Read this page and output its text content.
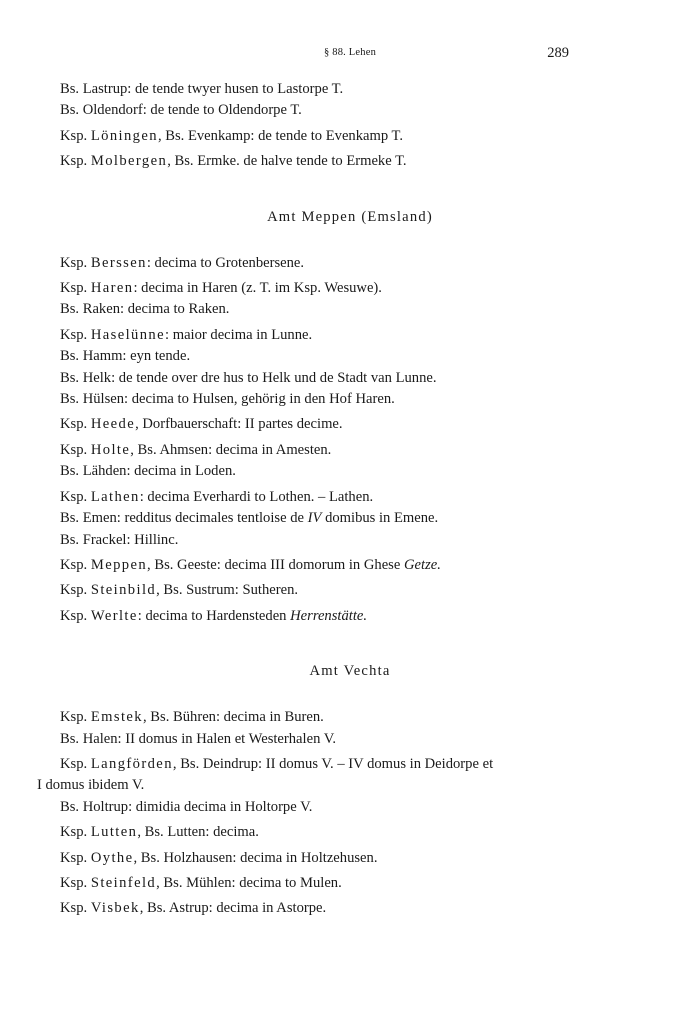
§ 88. Lehen	289
Bs. Lastrup: de tende twyer husen to Lastorpe T.
Bs. Oldendorf: de tende to Oldendorpe T.
Ksp. Löningen, Bs. Evenkamp: de tende to Evenkamp T.
Ksp. Molbergen, Bs. Ermke. de halve tende to Ermeke T.
Amt Meppen (Emsland)
Ksp. Berssen: decima to Grotenbersene.
Ksp. Haren: decima in Haren (z. T. im Ksp. Wesuwe).
Bs. Raken: decima to Raken.
Ksp. Haselünne: maior decima in Lunne.
Bs. Hamm: eyn tende.
Bs. Helk: de tende over dre hus to Helk und de Stadt van Lunne.
Bs. Hülsen: decima to Hulsen, gehörig in den Hof Haren.
Ksp. Heede, Dorfbauerschaft: II partes decime.
Ksp. Holte, Bs. Ahmsen: decima in Amesten.
Bs. Lähden: decima in Loden.
Ksp. Lathen: decima Everhardi to Lothen. – Lathen.
Bs. Emen: redditus decimales tentloise de IV domibus in Emene.
Bs. Frackel: Hillinc.
Ksp. Meppen, Bs. Geeste: decima III domorum in Ghese Getze.
Ksp. Steinbild, Bs. Sustrum: Sutheren.
Ksp. Werlte: decima to Hardensteden Herrenstätte.
Amt Vechta
Ksp. Emstek, Bs. Bühren: decima in Buren.
Bs. Halen: II domus in Halen et Westerhalen V.
Ksp. Langförden, Bs. Deindrup: II domus V. – IV domus in Deidorpe et
I domus ibidem V.
Bs. Holtrup: dimidia decima in Holtorpe V.
Ksp. Lutten, Bs. Lutten: decima.
Ksp. Oythe, Bs. Holzhausen: decima in Holtzehusen.
Ksp. Steinfeld, Bs. Mühlen: decima to Mulen.
Ksp. Visbek, Bs. Astrup: decima in Astorpe.
